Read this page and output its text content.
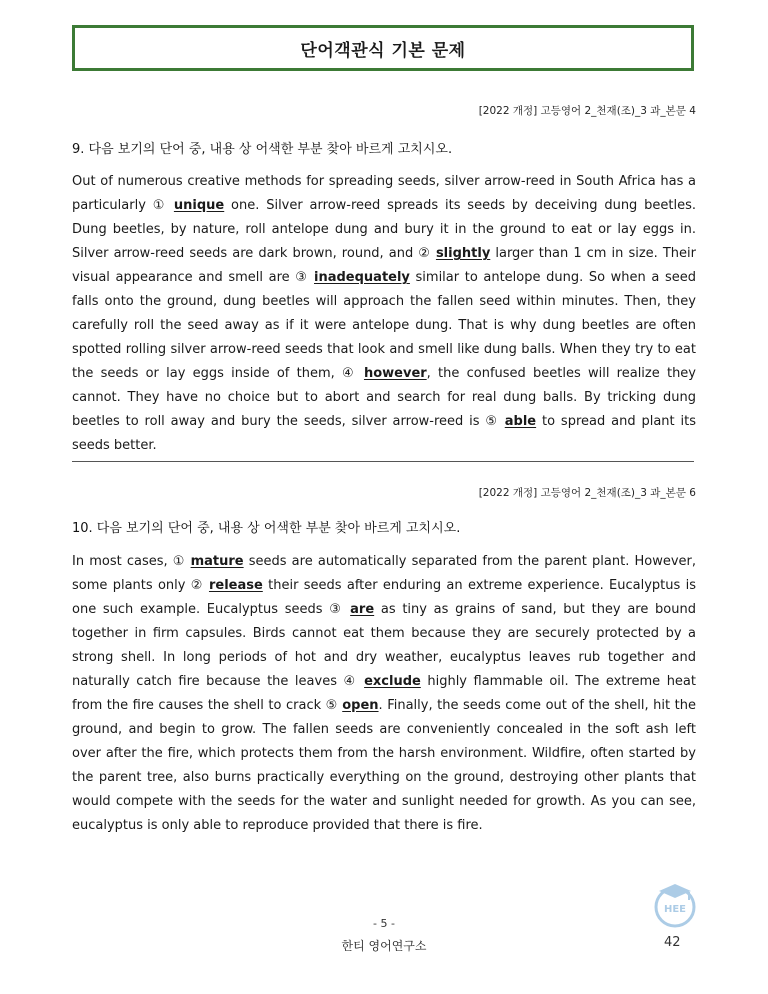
단어객관식 기본 문제
[2022 개정] 고등영어 2_천재(조)_3 과_본문 4
9. 다음 보기의 단어 중, 내용 상 어색한 부분 찾아 바르게 고치시오.
Out of numerous creative methods for spreading seeds, silver arrow-reed in South Africa has a particularly ① unique one. Silver arrow-reed spreads its seeds by deceiving dung beetles. Dung beetles, by nature, roll antelope dung and bury it in the ground to eat or lay eggs in. Silver arrow-reed seeds are dark brown, round, and ② slightly larger than 1 cm in size. Their visual appearance and smell are ③ inadequately similar to antelope dung. So when a seed falls onto the ground, dung beetles will approach the fallen seed within minutes. Then, they carefully roll the seed away as if it were antelope dung. That is why dung beetles are often spotted rolling silver arrow-reed seeds that look and smell like dung balls. When they try to eat the seeds or lay eggs inside of them, ④ however, the confused beetles will realize they cannot. They have no choice but to abort and search for real dung balls. By tricking dung beetles to roll away and bury the seeds, silver arrow-reed is ⑤ able to spread and plant its seeds better.
[2022 개정] 고등영어 2_천재(조)_3 과_본문 6
10. 다음 보기의 단어 중, 내용 상 어색한 부분 찾아 바르게 고치시오.
In most cases, ① mature seeds are automatically separated from the parent plant. However, some plants only ② release their seeds after enduring an extreme experience. Eucalyptus is one such example. Eucalyptus seeds ③ are as tiny as grains of sand, but they are bound together in firm capsules. Birds cannot eat them because they are securely protected by a strong shell. In long periods of hot and dry weather, eucalyptus leaves rub together and naturally catch fire because the leaves ④ exclude highly flammable oil. The extreme heat from the fire causes the shell to crack ⑤ open. Finally, the seeds come out of the shell, hit the ground, and begin to grow. The fallen seeds are conveniently concealed in the soft ash left over after the fire, which protects them from the harsh environment. Wildfire, often started by the parent tree, also burns practically everything on the ground, destroying other plants that would compete with the seeds for the water and sunlight needed for growth. As you can see, eucalyptus is only able to reproduce provided that there is fire.
HEE
- 5 -
한티 영어연구소	42
